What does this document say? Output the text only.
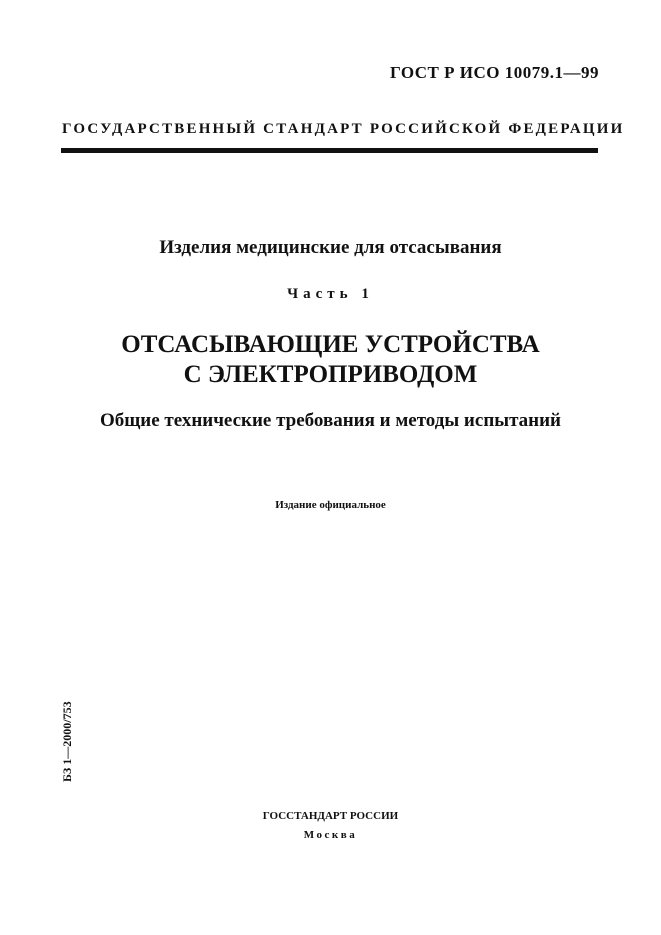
ГОСТ Р ИСО 10079.1—99
ГОСУДАРСТВЕННЫЙ СТАНДАРТ РОССИЙСКОЙ ФЕДЕРАЦИИ
Изделия медицинские для отсасывания
Часть 1
ОТСАСЫВАЮЩИЕ УСТРОЙСТВА
С ЭЛЕКТРОПРИВОДОМ
Общие технические требования и методы испытаний
Издание официальное
БЗ 1—2000/753
ГОССТАНДАРТ РОССИИ
Москва
